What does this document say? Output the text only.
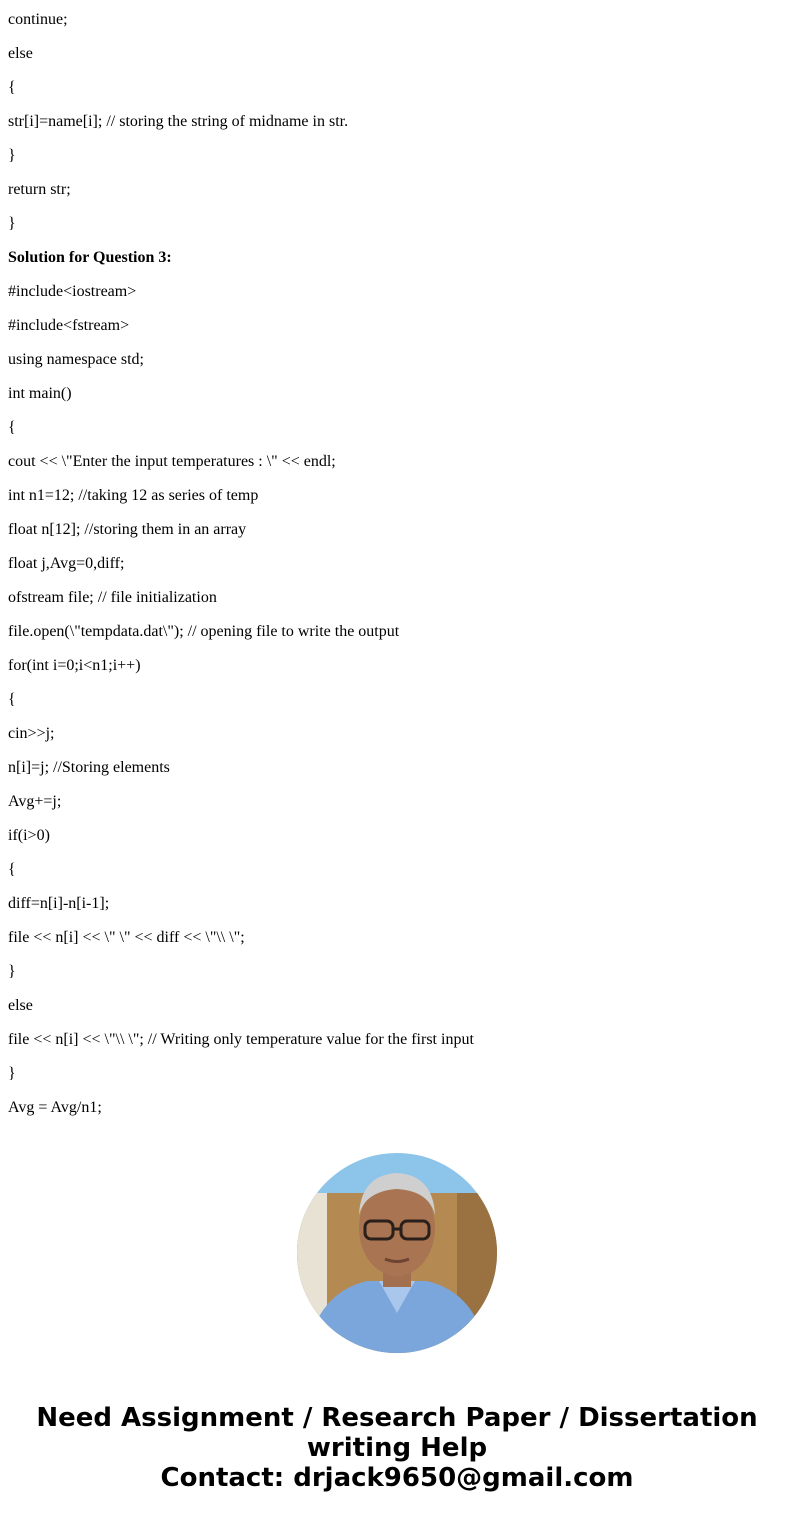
continue;
else
{
str[i]=name[i]; // storing the string of midname in str.
}
return str;
}
Solution for Question 3:
#include<iostream>
#include<fstream>
using namespace std;
int main()
{
cout << \"Enter the input temperatures : \" << endl;
int n1=12; //taking 12 as series of temp
float n[12]; //storing them in an array
float j,Avg=0,diff;
ofstream file; // file initialization
file.open(\"tempdata.dat\"); // opening file to write the output
for(int i=0;i<n1;i++)
{
cin>>j;
n[i]=j; //Storing elements
Avg+=j;
if(i>0)
{
diff=n[i]-n[i-1];
file << n[i] << \" \" << diff << \"\\ \";
}
else
file << n[i] << \"\\ \"; // Writing only temperature value for the first input
}
Avg = Avg/n1;
Need Assignment / Research Paper / Dissertation
writing Help
Contact: drjack9650@gmail.com
